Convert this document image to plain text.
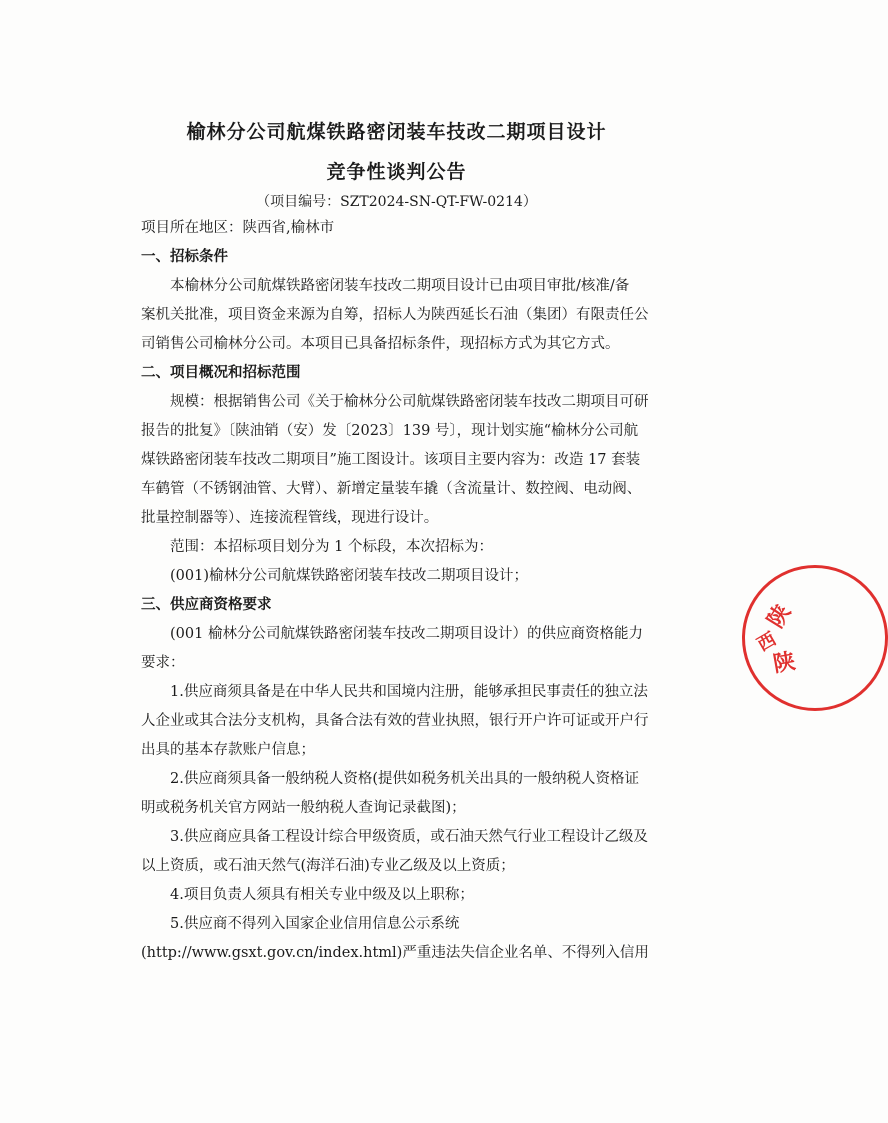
榆林分公司航煤铁路密闭装车技改二期项目设计
竞争性谈判公告
（项目编号：SZT2024-SN-QT-FW-0214）
项目所在地区：陕西省,榆林市
一、招标条件
本榆林分公司航煤铁路密闭装车技改二期项目设计已由项目审批/核准/备
案机关批准，项目资金来源为自筹，招标人为陕西延长石油（集团）有限责任公
司销售公司榆林分公司。本项目已具备招标条件，现招标方式为其它方式。
二、项目概况和招标范围
规模：根据销售公司《关于榆林分公司航煤铁路密闭装车技改二期项目可研
报告的批复》〔陕油销（安）发〔2023〕139 号〕，现计划实施“榆林分公司航
煤铁路密闭装车技改二期项目”施工图设计。该项目主要内容为：改造 17 套装
车鹤管（不锈钢油管、大臂）、新增定量装车撬（含流量计、数控阀、电动阀、
批量控制器等）、连接流程管线，现进行设计。
范围：本招标项目划分为 1 个标段，本次招标为：
(001)榆林分公司航煤铁路密闭装车技改二期项目设计；
三、供应商资格要求
(001 榆林分公司航煤铁路密闭装车技改二期项目设计）的供应商资格能力
要求：
1.供应商须具备是在中华人民共和国境内注册，能够承担民事责任的独立法
人企业或其合法分支机构，具备合法有效的营业执照，银行开户许可证或开户行
出具的基本存款账户信息；
2.供应商须具备一般纳税人资格(提供如税务机关出具的一般纳税人资格证
明或税务机关官方网站一般纳税人查询记录截图)；
3.供应商应具备工程设计综合甲级资质，或石油天然气行业工程设计乙级及
以上资质，或石油天然气(海洋石油)专业乙级及以上资质；
4.项目负责人须具有相关专业中级及以上职称；
5.供应商不得列入国家企业信用信息公示系统
(http://www.gsxt.gov.cn/index.html)严重违法失信企业名单、不得列入信用
陕
西
陕
